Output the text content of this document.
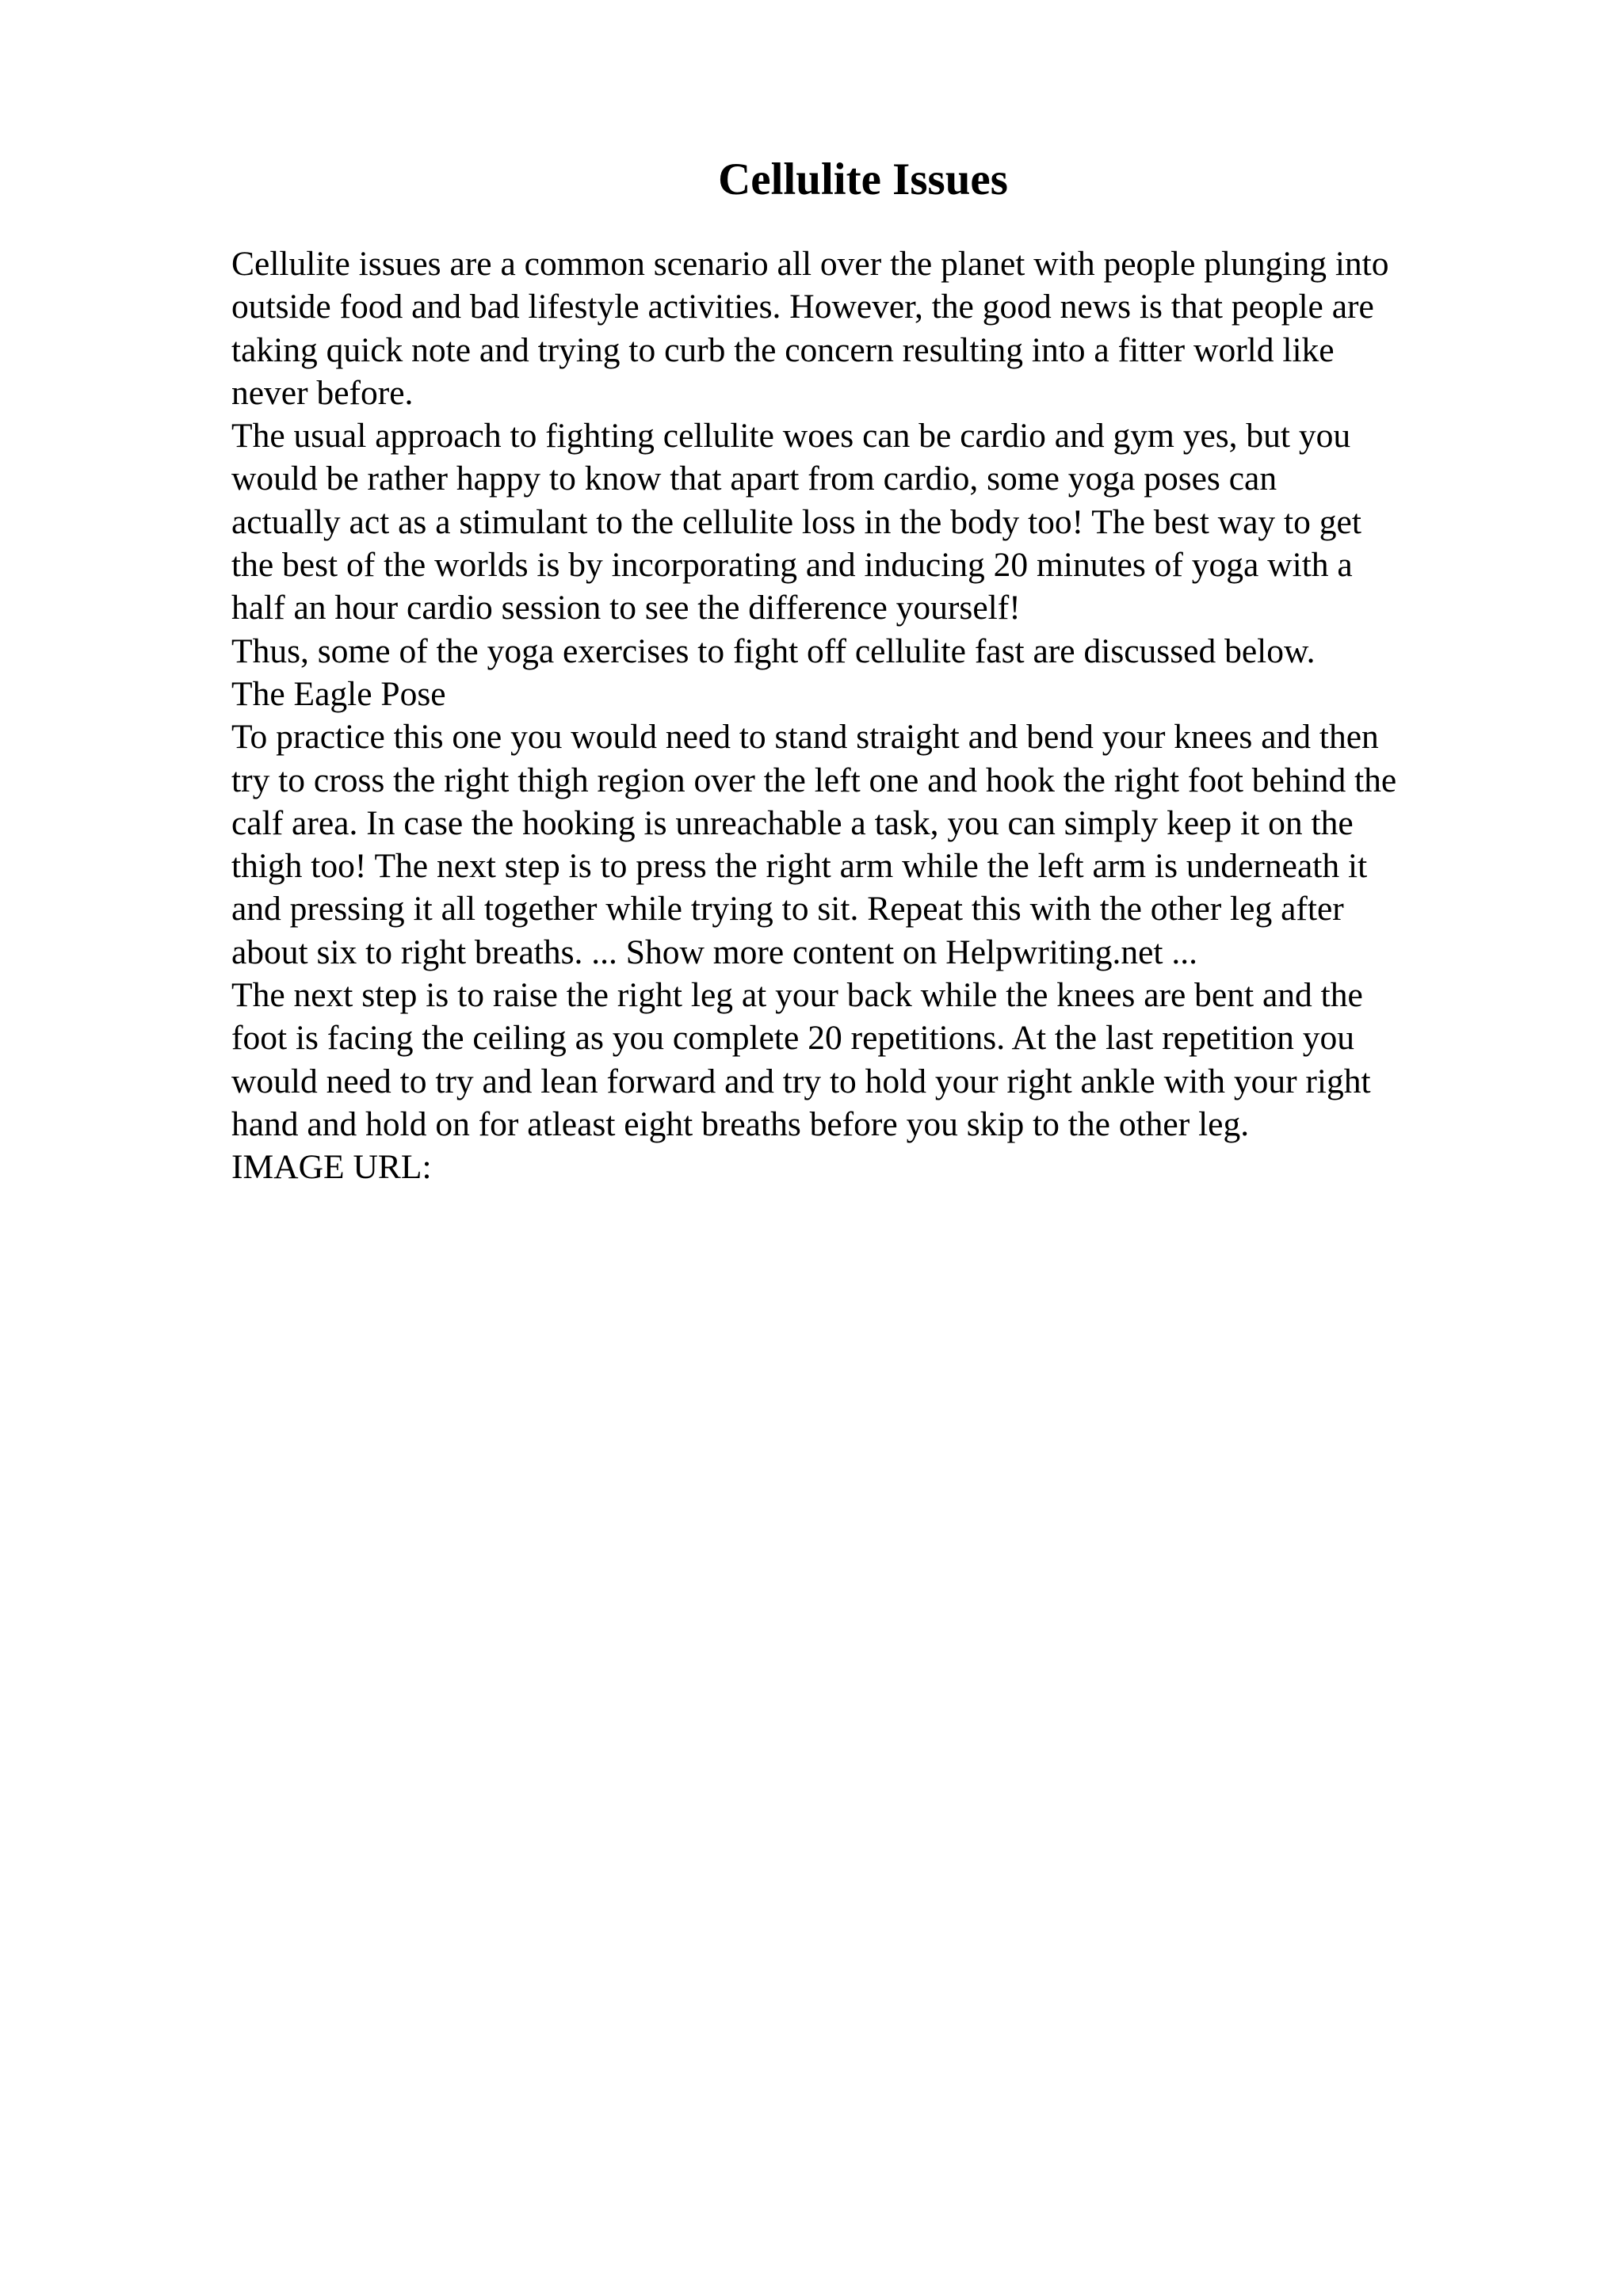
Cellulite Issues
Cellulite issues are a common scenario all over the planet with people plunging into
outside food and bad lifestyle activities. However, the good news is that people are
taking quick note and trying to curb the concern resulting into a fitter world like
never before.
The usual approach to fighting cellulite woes can be cardio and gym yes, but you
would be rather happy to know that apart from cardio, some yoga poses can
actually act as a stimulant to the cellulite loss in the body too! The best way to get
the best of the worlds is by incorporating and inducing 20 minutes of yoga with a
half an hour cardio session to see the difference yourself!
Thus, some of the yoga exercises to fight off cellulite fast are discussed below.
The Eagle Pose
To practice this one you would need to stand straight and bend your knees and then
try to cross the right thigh region over the left one and hook the right foot behind the
calf area. In case the hooking is unreachable a task, you can simply keep it on the
thigh too! The next step is to press the right arm while the left arm is underneath it
and pressing it all together while trying to sit. Repeat this with the other leg after
about six to right breaths. ... Show more content on Helpwriting.net ...
The next step is to raise the right leg at your back while the knees are bent and the
foot is facing the ceiling as you complete 20 repetitions. At the last repetition you
would need to try and lean forward and try to hold your right ankle with your right
hand and hold on for atleast eight breaths before you skip to the other leg.
IMAGE URL:
